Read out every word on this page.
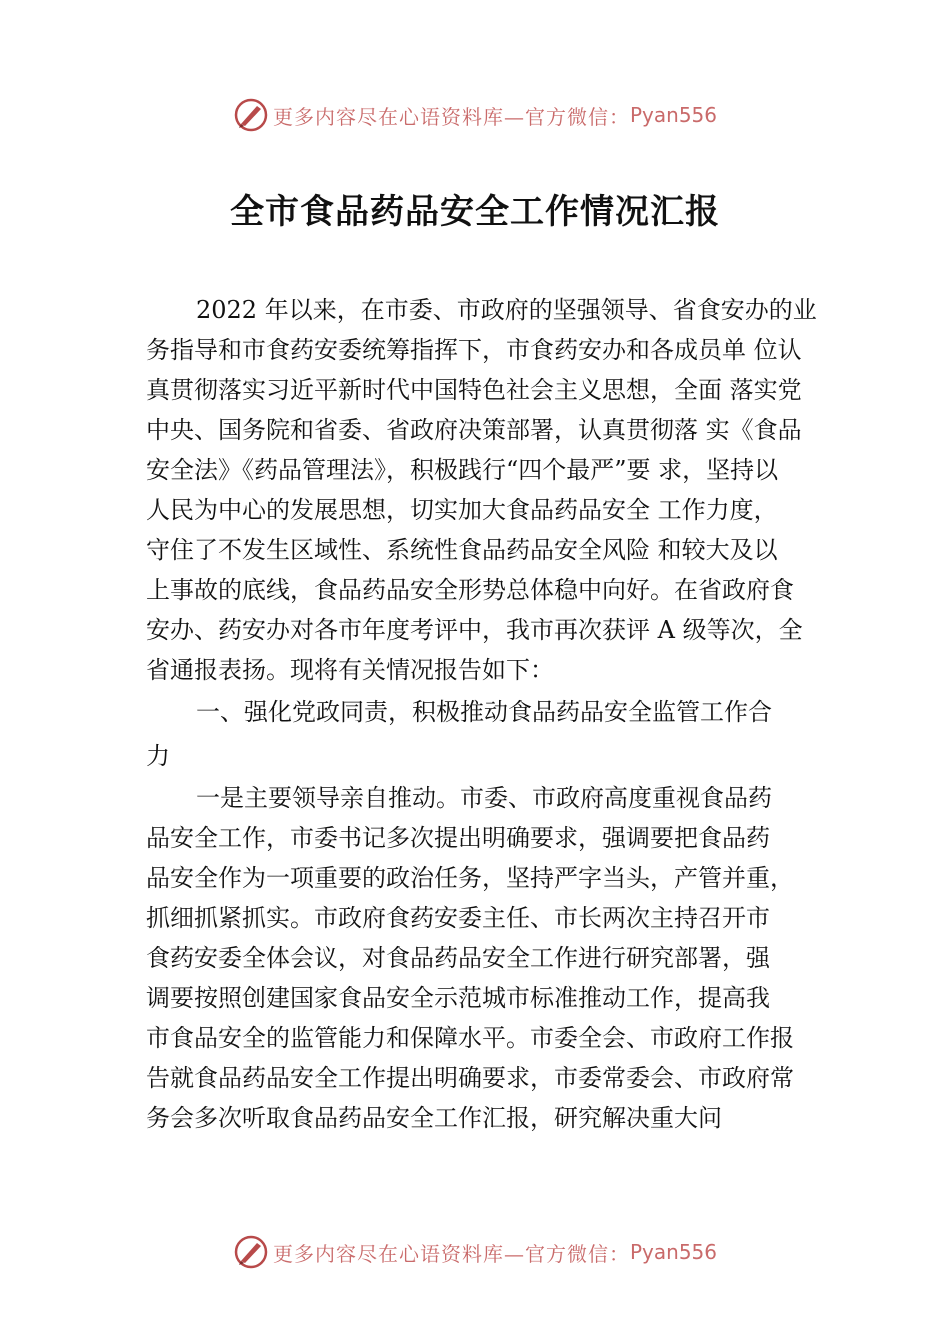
更多内容尽在心语资料库—官方微信： Pyan556
全市食品药品安全工作情况汇报
2022 年以来，在市委、市政府的坚强领导、省食安办的业
务指导和市食药安委统筹指挥下，市食药安办和各成员单 位认
真贯彻落实习近平新时代中国特色社会主义思想，全面 落实党
中央、国务院和省委、省政府决策部署，认真贯彻落 实《食品
安全法》《药品管理法》，积极践行“四个最严”要 求，坚持以
人民为中心的发展思想，切实加大食品药品安全 工作力度，
守住了不发生区域性、系统性食品药品安全风险 和较大及以
上事故的底线，食品药品安全形势总体稳中向好。在省政府食
安办、药安办对各市年度考评中，我市再次获评 A 级等次，全
省通报表扬。现将有关情况报告如下：
一、强化党政同责，积极推动食品药品安全监管工作合
力
一是主要领导亲自推动。市委、市政府高度重视食品药
品安全工作，市委书记多次提出明确要求，强调要把食品药
品安全作为一项重要的政治任务，坚持严字当头，产管并重，
抓细抓紧抓实。市政府食药安委主任、市长两次主持召开市
食药安委全体会议，对食品药品安全工作进行研究部署，强
调要按照创建国家食品安全示范城市标准推动工作，提高我
市食品安全的监管能力和保障水平。市委全会、市政府工作报
告就食品药品安全工作提出明确要求，市委常委会、市政府常
务会多次听取食品药品安全工作汇报，研究解决重大问
更多内容尽在心语资料库—官方微信： Pyan556
